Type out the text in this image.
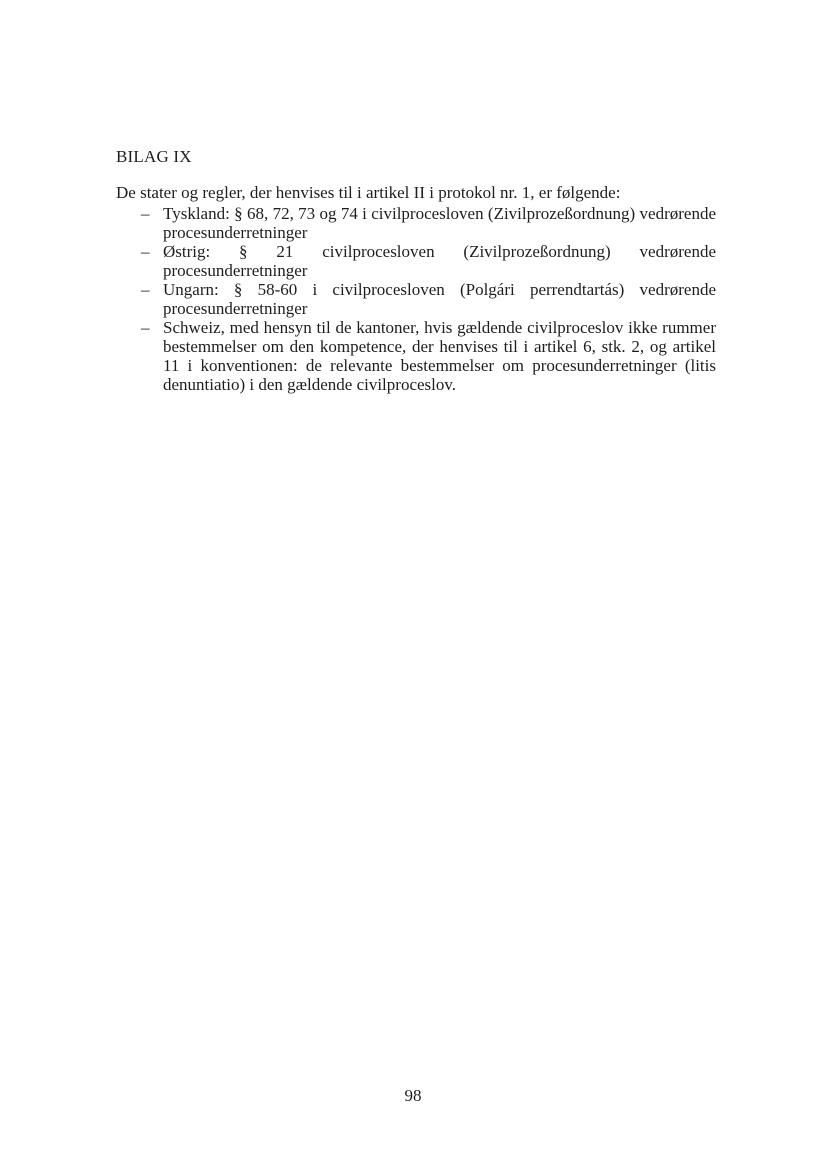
BILAG IX
De stater og regler, der henvises til i artikel II i protokol nr. 1, er følgende:
– Tyskland: § 68, 72, 73 og 74 i civilprocesloven (Zivilprozeßordnung) vedrørende procesunderretninger
– Østrig: § 21 civilprocesloven (Zivilprozeßordnung) vedrørende procesunderretninger
– Ungarn: § 58-60 i civilprocesloven (Polgári perrendtartás) vedrørende procesunderretninger
– Schweiz, med hensyn til de kantoner, hvis gældende civilproceslov ikke rummer bestemmelser om den kompetence, der henvises til i artikel 6, stk. 2, og artikel 11 i konventionen: de relevante bestemmelser om procesunderretninger (litis denuntiatio) i den gældende civilproceslov.
98
